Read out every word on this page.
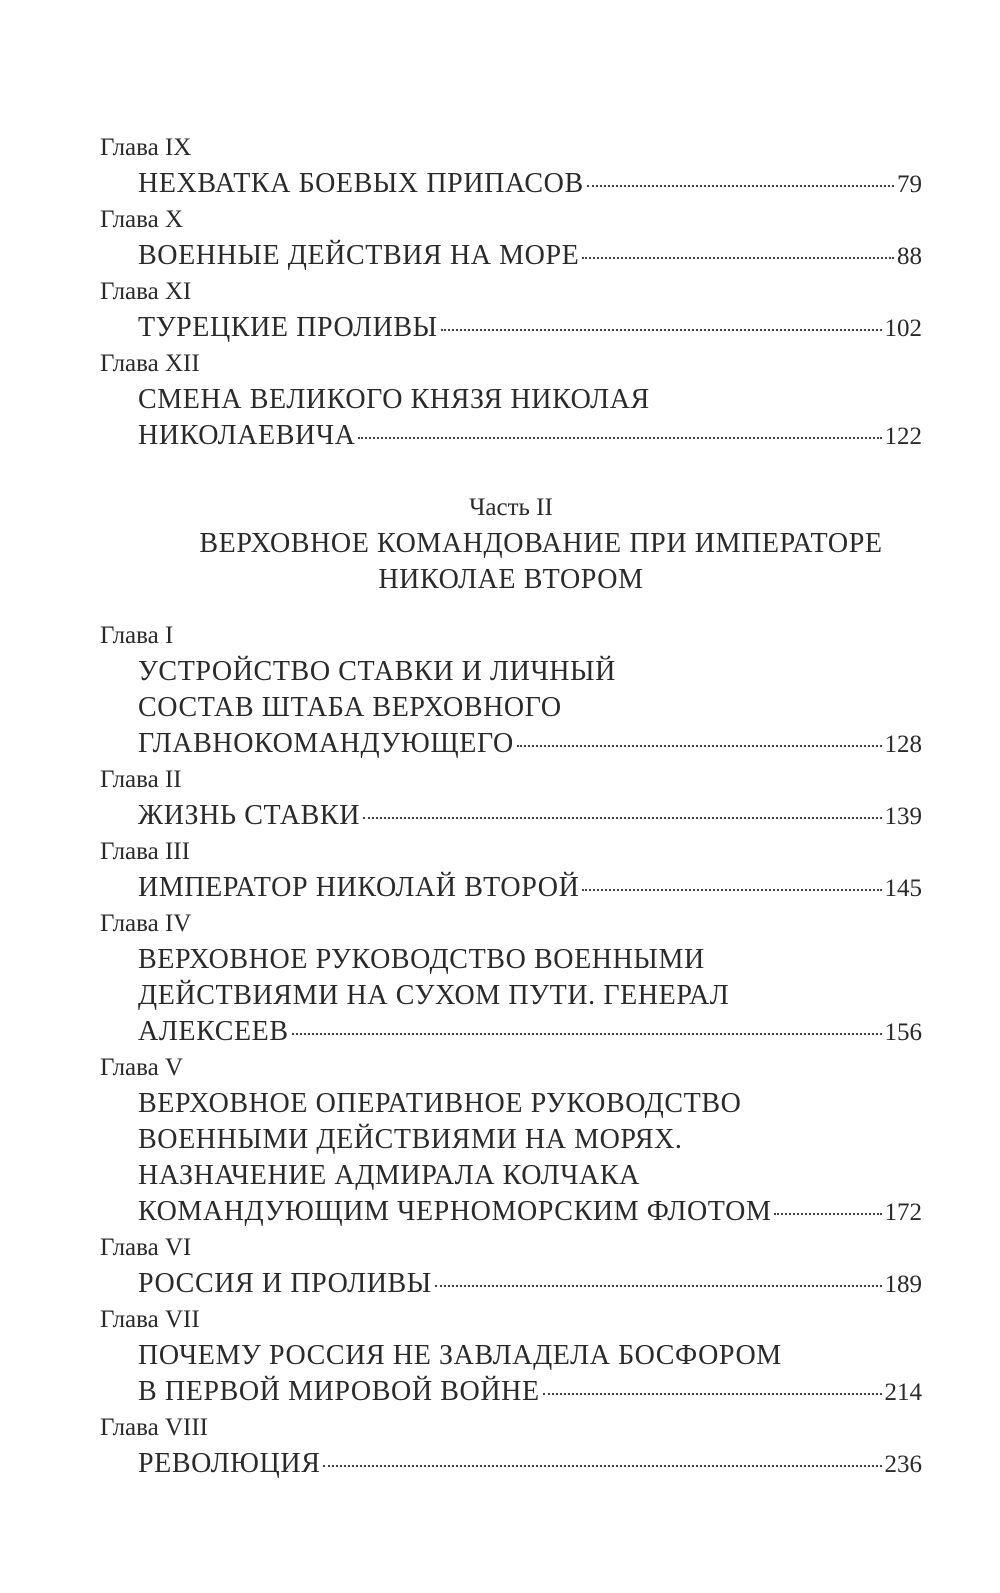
Глава IX
НЕХВАТКА БОЕВЫХ ПРИПАСОВ	79
Глава X
ВОЕННЫЕ ДЕЙСТВИЯ НА МОРЕ	88
Глава XI
ТУРЕЦКИЕ ПРОЛИВЫ	102
Глава XII
СМЕНА ВЕЛИКОГО КНЯЗЯ НИКОЛАЯ
НИКОЛАЕВИЧА	122
Часть II
ВЕРХОВНОЕ КОМАНДОВАНИЕ ПРИ ИМПЕРАТОРЕ
НИКОЛАЕ ВТОРОМ
Глава I
УСТРОЙСТВО СТАВКИ И ЛИЧНЫЙ
СОСТАВ ШТАБА ВЕРХОВНОГО
ГЛАВНОКОМАНДУЮЩЕГО	128
Глава II
ЖИЗНЬ СТАВКИ	139
Глава III
ИМПЕРАТОР НИКОЛАЙ ВТОРОЙ	145
Глава IV
ВЕРХОВНОЕ РУКОВОДСТВО ВОЕННЫМИ
ДЕЙСТВИЯМИ НА СУХОМ ПУТИ. ГЕНЕРАЛ
АЛЕКСЕЕВ	156
Глава V
ВЕРХОВНОЕ ОПЕРАТИВНОЕ РУКОВОДСТВО
ВОЕННЫМИ ДЕЙСТВИЯМИ НА МОРЯХ.
НАЗНАЧЕНИЕ АДМИРАЛА КОЛЧАКА
КОМАНДУЮЩИМ ЧЕРНОМОРСКИМ ФЛОТОМ	172
Глава VI
РОССИЯ И ПРОЛИВЫ	189
Глава VII
ПОЧЕМУ РОССИЯ НЕ ЗАВЛАДЕЛА БОСФОРОМ
В ПЕРВОЙ МИРОВОЙ ВОЙНЕ	214
Глава VIII
РЕВОЛЮЦИЯ	236
